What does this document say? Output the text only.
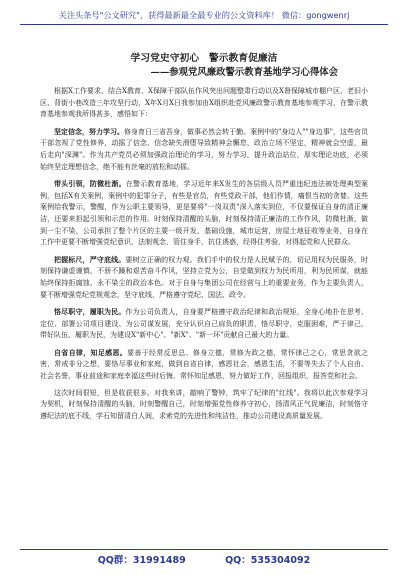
关注头条号"公文研究"，获得最新最全最专业的公文资料库！ 微信：gongwenrj
学习党史守初心　警示教育促廉洁
——参观党风廉政警示教育基地学习心得体会

根据X工作要求，结合X教育、X保障干部队伍作风突出问题整肃行动以及X督保障城市棚户区、老旧小区、背街小巷改造三年攻坚行动，X年X月X日我参加由X组织赴党风廉政警示教育基地参观学习，在警示教育基地参观我所得甚多，感悟如下：

坚定信念，努力学习。修身育日三省吾身，做事必然会转于勤。案例中的"身边人""身边事"，这些官员干部忽视了党性修养，动摇了信念、信念缺失滑堕导致精神会懈怠，政治立场不坚定，精神就会空虚，最后走向"深渊"。作为共产党员必须加强政治理论的学习，努力学习，提升政治站位，厚实理论功底，必须始终坚定理想信念，绝不能有丝毫的放松和动摇。

带头引领，防微杜渐。在警示教育基地，学习近年来X发生的各层级人员严重违纪违法被处理典型案例，包括X有关案例，案例中的犯罪分子，有些是官员，有些党政干部，他们作情，痛恨当初的贪婪。这些案例给我警示，警醒，作为公职主要领导，更是要将"一岗双责"深入落实到位，不仅要保证自身的清正廉洁，还要来担起引领和示范的作用。时刻保持清醒的头脑，时刻保持清正廉洁的工作作风，防微杜渐，做到一尘不染，公司承担了整个片区的主要一级开发，基础设施，城市运营，房屋土地征收等业务，自身在工作中更要不断增强党纪意识，法制观念，管住身手，抗住诱惑，经得住考验，对得起党和人民群众。

把握标尺，严守底线。要树立正确的权力观。我们手中的权力是人民赋予的，切记用权为民服务，时刻保持谦虚谨慎，不骄不躁和艰苦奋斗作风，坚持立党为公，自觉做到权力为民所用，利为民所谋，就能始终保持拒腐蚀、永不染尘的政治本色。对于自身与集团公司在经营与上的重要业务，作为主要负责人，要不断增强党纪党规观念，坚守底线，严格遵守党纪、国法、政令。

恪尽职守，履职为民。作为公司负责人，自身要严格遵守政治纪律和政治规矩，全身心地扑在思考、定位、部署公司项目建设、为公司谋发展，充分认识自己肩负的职责，恪尽职守，克服困难，严于律己，带好队伍，履职为民，为建设X"新中心"、"新X"、"新一环"贡献自己最大的力量。

自省自律，知足感恩。要善于经常反思总、修身立德，常修为政之德，常怀律己之心，常思贪欲之害，常戒非分之想，要恪尽事业和家庭，做到自省自律，感恩社会，感恩生活，不要等失去了个人自由、社会名誉、事业前途和家庭幸福这些时后悔，常怀知足感恩，努力做好工作，回报组织，报答党和社会。

这次时间很短，但是收获很多。对我来讲，敲响了警钟，筑牢了纪律的"红线"。我将以此次参观学习为契机，时刻保持清醒的头脑，时刻警醒自己，时刻增强党性修养守初心，扬清风正气促廉洁，时刻恪守遵纪法的底不线，学石知留清白人间，求索党的先进性和纯洁性，推动公司建设高质量发展。

QQ群：31991489	QQ：535304092
